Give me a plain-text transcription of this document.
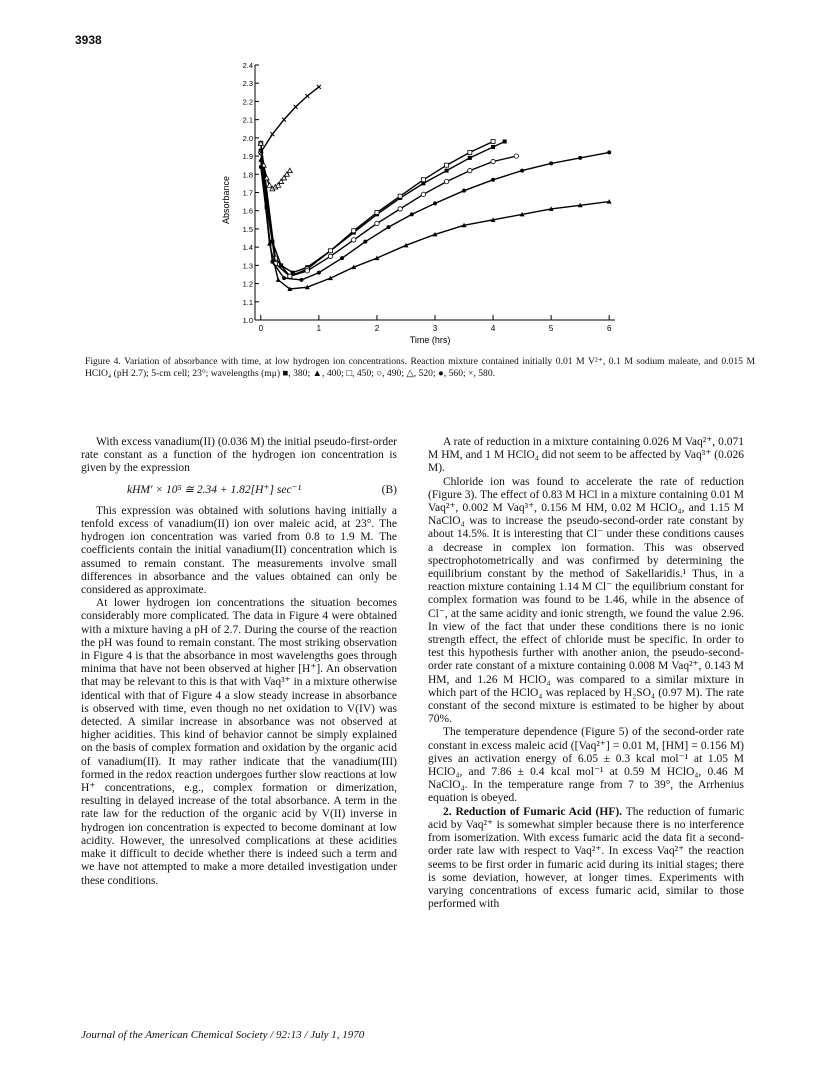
3938
0	1	2	3	4	5	6
1.0
1.1
1.2
1.3
1.4
1.5
1.6
1.7
1.8
1.9
2.0
2.1
2.2
2.3
2.4
Time (hrs)
Absorbance
Figure 4. Variation of absorbance with time, at low hydrogen ion concentrations. Reaction mixture contained initially 0.01 M V²⁺, 0.1 M sodium maleate, and 0.015 M HClO₄ (pH 2.7); 5-cm cell; 23°; wavelengths (mμ) ■, 380; ▲, 400; □, 450; ○, 490; △, 520; ●, 560; ×, 580.

With excess vanadium(II) (0.036 M) the initial pseudo-first-order rate constant as a function of the hydrogen ion concentration is given by the expression

kHM′ × 10⁵ ≅ 2.34 + 1.82[H⁺] sec⁻¹	(B)

This expression was obtained with solutions having initially a tenfold excess of vanadium(II) ion over maleic acid, at 23°. The hydrogen ion concentration was varied from 0.8 to 1.9 M. The coefficients contain the initial vanadium(II) concentration which is assumed to remain constant. The measurements involve small differences in absorbance and the values obtained can only be considered as approximate.

At lower hydrogen ion concentrations the situation becomes considerably more complicated. The data in Figure 4 were obtained with a mixture having a pH of 2.7. During the course of the reaction the pH was found to remain constant. The most striking observation in Figure 4 is that the absorbance in most wavelengths goes through minima that have not been observed at higher [H⁺]. An observation that may be relevant to this is that with Vaq³⁺ in a mixture otherwise identical with that of Figure 4 a slow steady increase in absorbance is observed with time, even though no net oxidation to V(IV) was detected. A similar increase in absorbance was not observed at higher acidities. This kind of behavior cannot be simply explained on the basis of complex formation and oxidation by the organic acid of vanadium(II). It may rather indicate that the vanadium(III) formed in the redox reaction undergoes further slow reactions at low H⁺ concentrations, e.g., complex formation or dimerization, resulting in delayed increase of the total absorbance. A term in the rate law for the reduction of the organic acid by V(II) inverse in hydrogen ion concentration is expected to become dominant at low acidity. However, the unresolved complications at these acidities make it difficult to decide whether there is indeed such a term and we have not attempted to make a more detailed investigation under these conditions.

A rate of reduction in a mixture containing 0.026 M Vaq²⁺, 0.071 M HM, and 1 M HClO₄ did not seem to be affected by Vaq³⁺ (0.026 M).

Chloride ion was found to accelerate the rate of reduction (Figure 3). The effect of 0.83 M HCl in a mixture containing 0.01 M Vaq²⁺, 0.002 M Vaq³⁺, 0.156 M HM, 0.02 M HClO₄, and 1.15 M NaClO₄ was to increase the pseudo-second-order rate constant by about 14.5%. It is interesting that Cl⁻ under these conditions causes a decrease in complex ion formation. This was observed spectrophotometrically and was confirmed by determining the equilibrium constant by the method of Sakellaridis.¹ Thus, in a reaction mixture containing 1.14 M Cl⁻ the equilibrium constant for complex formation was found to be 1.46, while in the absence of Cl⁻, at the same acidity and ionic strength, we found the value 2.96. In view of the fact that under these conditions there is no ionic strength effect, the effect of chloride must be specific. In order to test this hypothesis further with another anion, the pseudo-second-order rate constant of a mixture containing 0.008 M Vaq²⁺, 0.143 M HM, and 1.26 M HClO₄ was compared to a similar mixture in which part of the HClO₄ was replaced by H₂SO₄ (0.97 M). The rate constant of the second mixture is estimated to be higher by about 70%.

The temperature dependence (Figure 5) of the second-order rate constant in excess maleic acid ([Vaq²⁺] = 0.01 M, [HM] = 0.156 M) gives an activation energy of 6.05 ± 0.3 kcal mol⁻¹ at 1.05 M HClO₄, and 7.86 ± 0.4 kcal mol⁻¹ at 0.59 M HClO₄, 0.46 M NaClO₄. In the temperature range from 7 to 39°, the Arrhenius equation is obeyed.

2. Reduction of Fumaric Acid (HF). The reduction of fumaric acid by Vaq²⁺ is somewhat simpler because there is no interference from isomerization. With excess fumaric acid the data fit a second-order rate law with respect to Vaq²⁺. In excess Vaq²⁺ the reaction seems to be first order in fumaric acid during its initial stages; there is some deviation, however, at longer times. Experiments with varying concentrations of excess fumaric acid, similar to those performed with

Journal of the American Chemical Society / 92:13 / July 1, 1970
